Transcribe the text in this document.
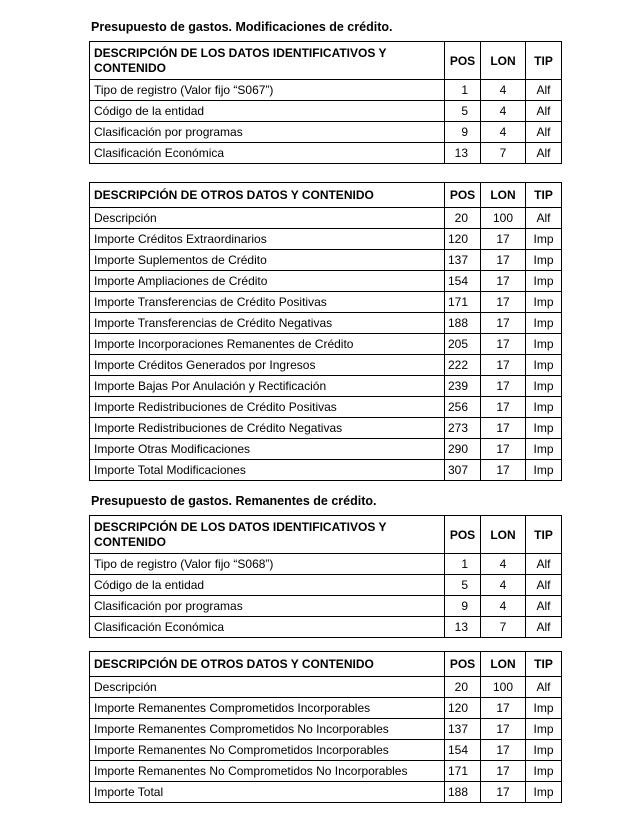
Presupuesto de gastos. Modificaciones de crédito.
DESCRIPCIÓN DE LOS DATOS IDENTIFICATIVOS Y CONTENIDO	POS	LON	TIP
Tipo de registro (Valor fijo “S067”)	1	4	Alf
Código de la entidad	5	4	Alf
Clasificación por programas	9	4	Alf
Clasificación Económica	13	7	Alf
DESCRIPCIÓN DE OTROS DATOS Y CONTENIDO	POS	LON	TIP
Descripción	20	100	Alf
Importe Créditos Extraordinarios	120	17	Imp
Importe Suplementos de Crédito	137	17	Imp
Importe Ampliaciones de Crédito	154	17	Imp
Importe Transferencias de Crédito Positivas	171	17	Imp
Importe Transferencias de Crédito Negativas	188	17	Imp
Importe Incorporaciones Remanentes de Crédito	205	17	Imp
Importe Créditos Generados por Ingresos	222	17	Imp
Importe Bajas Por Anulación y Rectificación	239	17	Imp
Importe Redistribuciones de Crédito Positivas	256	17	Imp
Importe Redistribuciones de Crédito Negativas	273	17	Imp
Importe Otras Modificaciones	290	17	Imp
Importe Total Modificaciones	307	17	Imp
Presupuesto de gastos. Remanentes de crédito.
DESCRIPCIÓN DE LOS DATOS IDENTIFICATIVOS Y CONTENIDO	POS	LON	TIP
Tipo de registro (Valor fijo “S068”)	1	4	Alf
Código de la entidad	5	4	Alf
Clasificación por programas	9	4	Alf
Clasificación Económica	13	7	Alf
DESCRIPCIÓN DE OTROS DATOS Y CONTENIDO	POS	LON	TIP
Descripción	20	100	Alf
Importe Remanentes Comprometidos Incorporables	120	17	Imp
Importe Remanentes Comprometidos No Incorporables	137	17	Imp
Importe Remanentes No Comprometidos Incorporables	154	17	Imp
Importe Remanentes No Comprometidos No Incorporables	171	17	Imp
Importe Total	188	17	Imp
